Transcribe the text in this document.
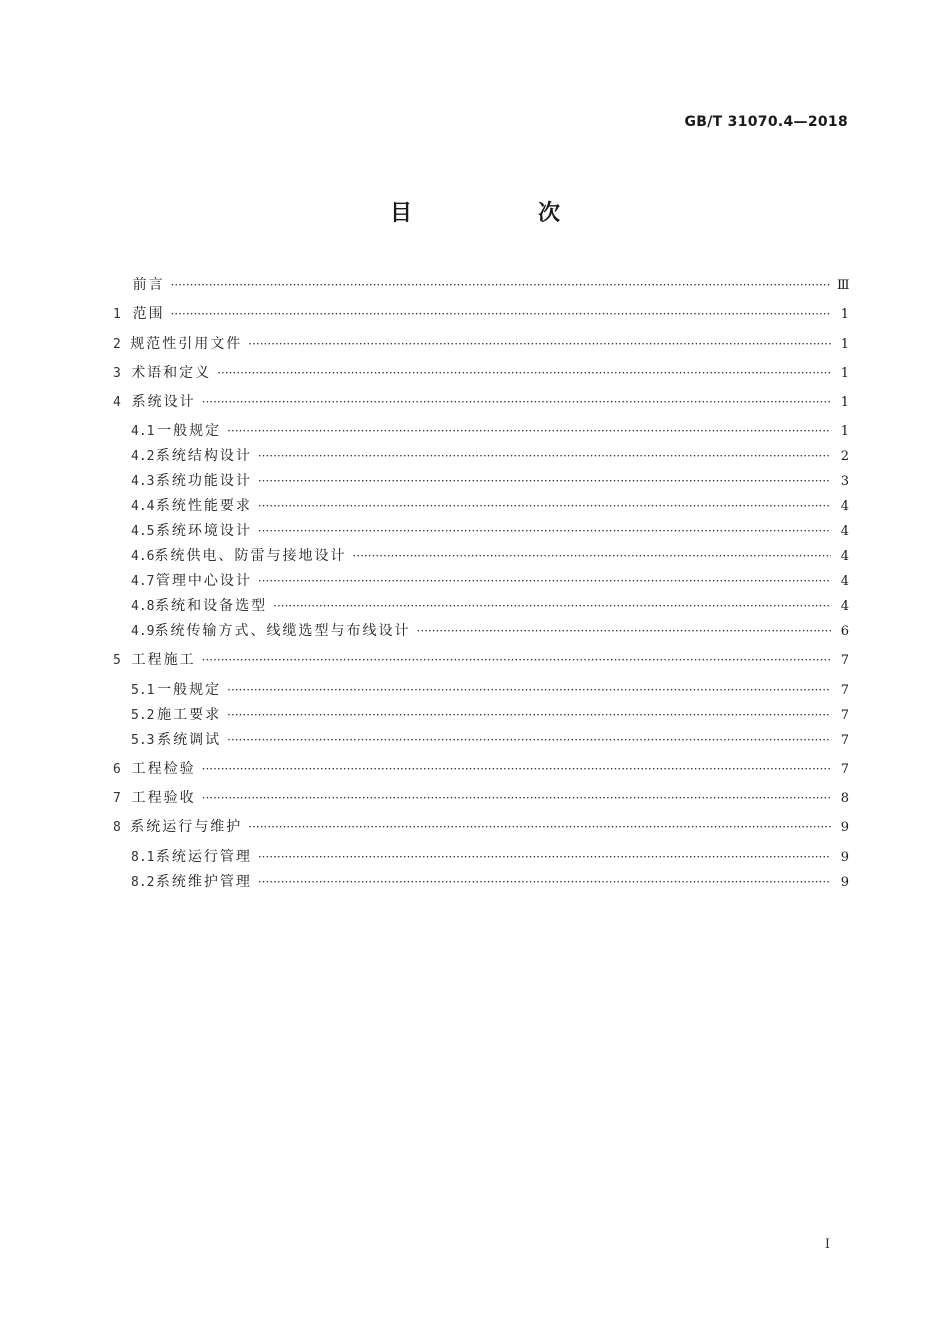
GB/T 31070.4—2018
目　次
前言 ·····	Ⅲ
1 范围 ·····	1
2 规范性引用文件 ·····	1
3 术语和定义 ·····	1
4 系统设计 ·····	1
4.1 一般规定 ·····	1
4.2 系统结构设计 ·····	2
4.3 系统功能设计 ·····	3
4.4 系统性能要求 ·····	4
4.5 系统环境设计 ·····	4
4.6 系统供电、防雷与接地设计 ·····	4
4.7 管理中心设计 ·····	4
4.8 系统和设备选型 ·····	4
4.9 系统传输方式、线缆选型与布线设计 ·····	6
5 工程施工 ·····	7
5.1 一般规定 ·····	7
5.2 施工要求 ·····	7
5.3 系统调试 ·····	7
6 工程检验 ·····	7
7 工程验收 ·····	8
8 系统运行与维护 ·····	9
8.1 系统运行管理 ·····	9
8.2 系统维护管理 ·····	9
I
